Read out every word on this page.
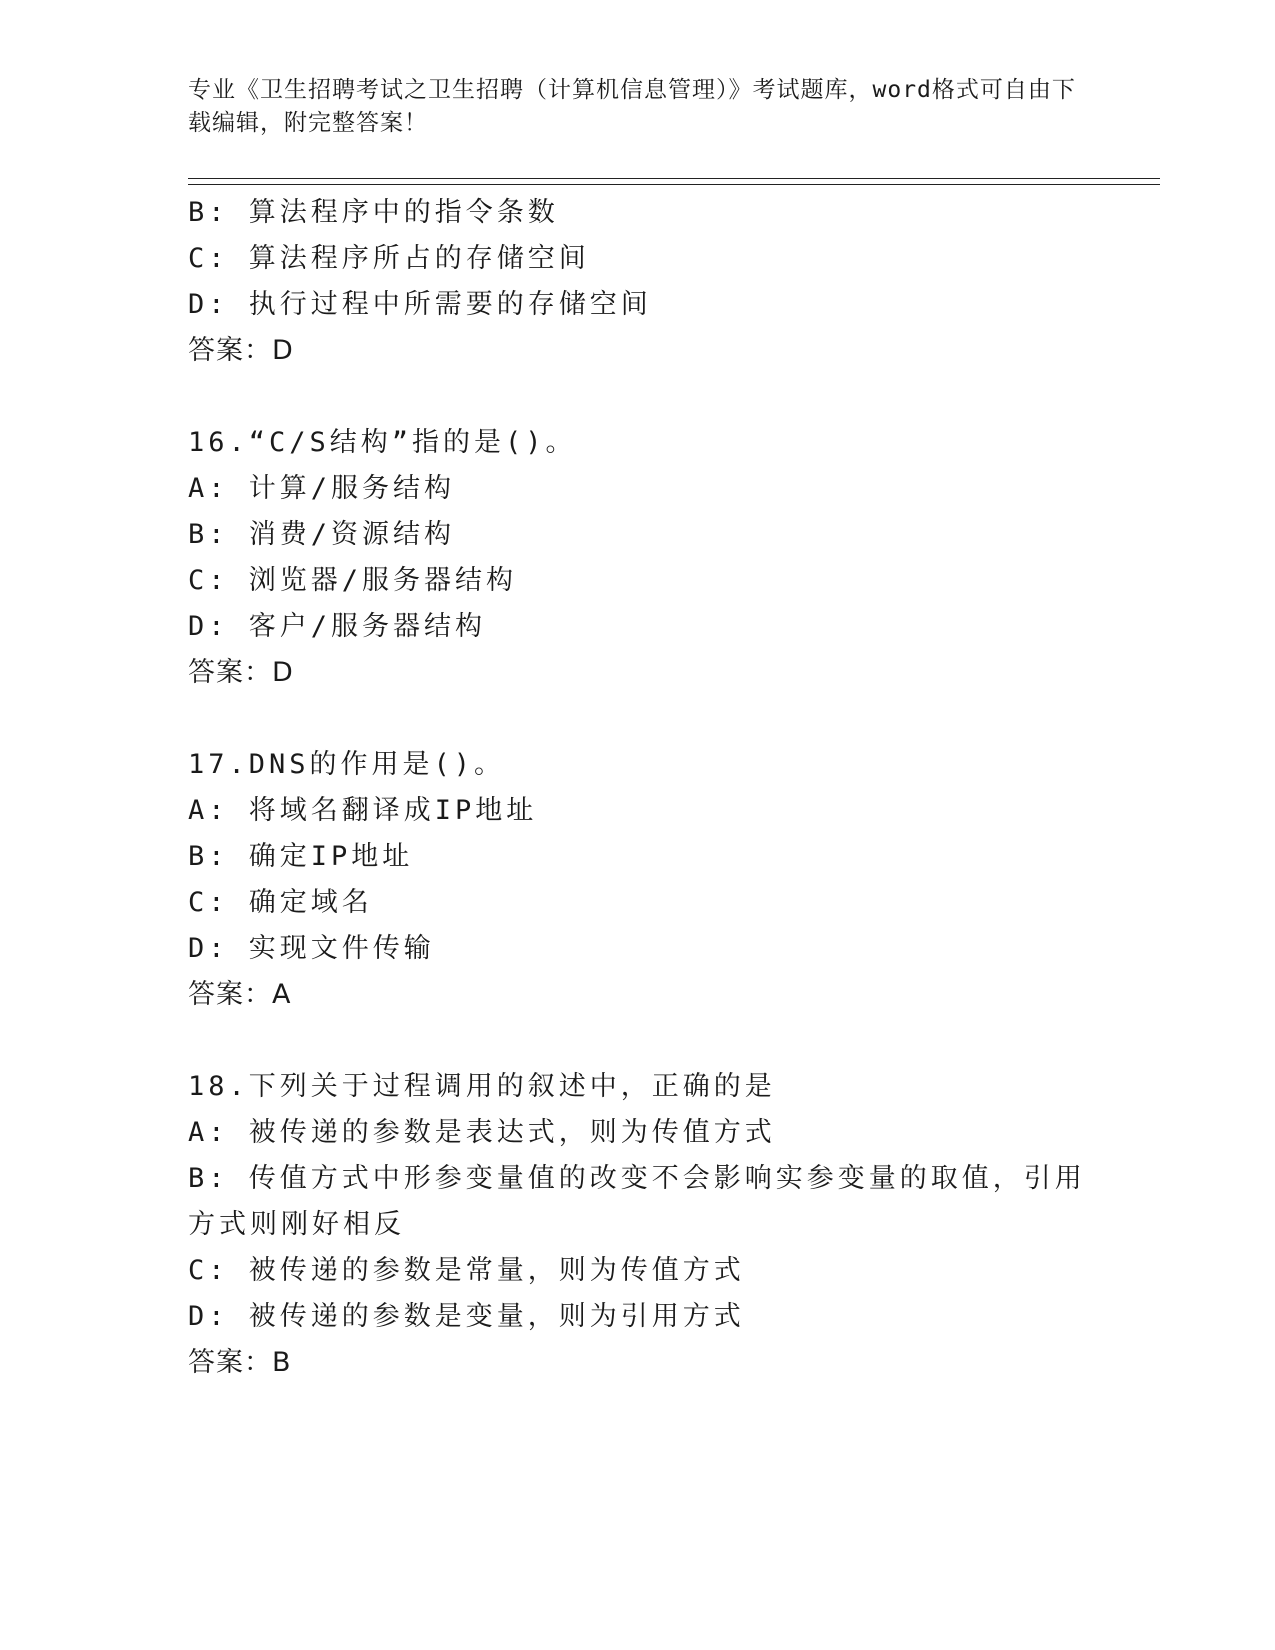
专业《卫生招聘考试之卫生招聘（计算机信息管理）》考试题库，word格式可自由下载编辑，附完整答案！
B: 算法程序中的指令条数
C: 算法程序所占的存储空间
D: 执行过程中所需要的存储空间
答案：D
16.“C/S结构”指的是()。
A: 计算/服务结构
B: 消费/资源结构
C: 浏览器/服务器结构
D: 客户/服务器结构
答案：D
17.DNS的作用是()。
A: 将域名翻译成IP地址
B: 确定IP地址
C: 确定域名
D: 实现文件传输
答案：A
18.下列关于过程调用的叙述中，正确的是
A: 被传递的参数是表达式，则为传值方式
B: 传值方式中形参变量值的改变不会影响实参变量的取值，引用方式则刚好相反
C: 被传递的参数是常量，则为传值方式
D: 被传递的参数是变量，则为引用方式
答案：B
